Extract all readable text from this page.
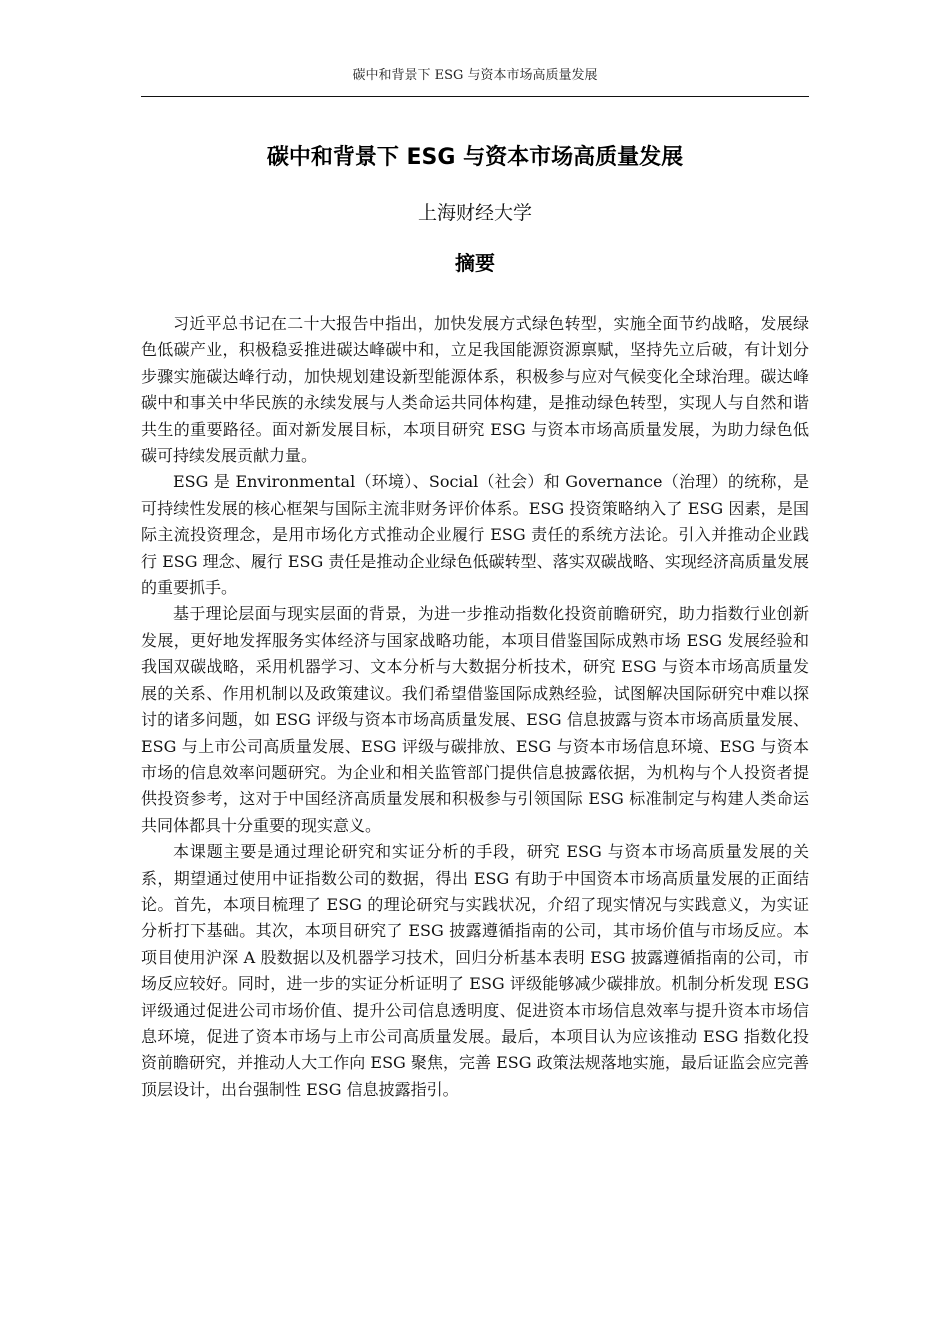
碳中和背景下 ESG 与资本市场高质量发展
碳中和背景下 ESG 与资本市场高质量发展
上海财经大学
摘要

习近平总书记在二十大报告中指出，加快发展方式绿色转型，实施全面节约战略，发展绿色低碳产业，积极稳妥推进碳达峰碳中和，立足我国能源资源禀赋，坚持先立后破，有计划分步骤实施碳达峰行动，加快规划建设新型能源体系，积极参与应对气候变化全球治理。碳达峰碳中和事关中华民族的永续发展与人类命运共同体构建，是推动绿色转型，实现人与自然和谐共生的重要路径。面对新发展目标，本项目研究 ESG 与资本市场高质量发展，为助力绿色低碳可持续发展贡献力量。

ESG 是 Environmental（环境）、Social（社会）和 Governance（治理）的统称，是可持续性发展的核心框架与国际主流非财务评价体系。ESG 投资策略纳入了 ESG 因素，是国际主流投资理念，是用市场化方式推动企业履行 ESG 责任的系统方法论。引入并推动企业践行 ESG 理念、履行 ESG 责任是推动企业绿色低碳转型、落实双碳战略、实现经济高质量发展的重要抓手。

基于理论层面与现实层面的背景，为进一步推动指数化投资前瞻研究，助力指数行业创新发展，更好地发挥服务实体经济与国家战略功能，本项目借鉴国际成熟市场 ESG 发展经验和我国双碳战略，采用机器学习、文本分析与大数据分析技术，研究 ESG 与资本市场高质量发展的关系、作用机制以及政策建议。我们希望借鉴国际成熟经验，试图解决国际研究中难以探讨的诸多问题，如 ESG 评级与资本市场高质量发展、ESG 信息披露与资本市场高质量发展、ESG 与上市公司高质量发展、ESG 评级与碳排放、ESG 与资本市场信息环境、ESG 与资本市场的信息效率问题研究。为企业和相关监管部门提供信息披露依据，为机构与个人投资者提供投资参考，这对于中国经济高质量发展和积极参与引领国际 ESG 标准制定与构建人类命运共同体都具十分重要的现实意义。

本课题主要是通过理论研究和实证分析的手段，研究 ESG 与资本市场高质量发展的关系，期望通过使用中证指数公司的数据，得出 ESG 有助于中国资本市场高质量发展的正面结论。首先，本项目梳理了 ESG 的理论研究与实践状况，介绍了现实情况与实践意义，为实证分析打下基础。其次，本项目研究了 ESG 披露遵循指南的公司，其市场价值与市场反应。本项目使用沪深 A 股数据以及机器学习技术，回归分析基本表明 ESG 披露遵循指南的公司，市场反应较好。同时，进一步的实证分析证明了 ESG 评级能够减少碳排放。机制分析发现 ESG 评级通过促进公司市场价值、提升公司信息透明度、促进资本市场信息效率与提升资本市场信息环境，促进了资本市场与上市公司高质量发展。最后，本项目认为应该推动 ESG 指数化投资前瞻研究，并推动人大工作向 ESG 聚焦，完善 ESG 政策法规落地实施，最后证监会应完善顶层设计，出台强制性 ESG 信息披露指引。
